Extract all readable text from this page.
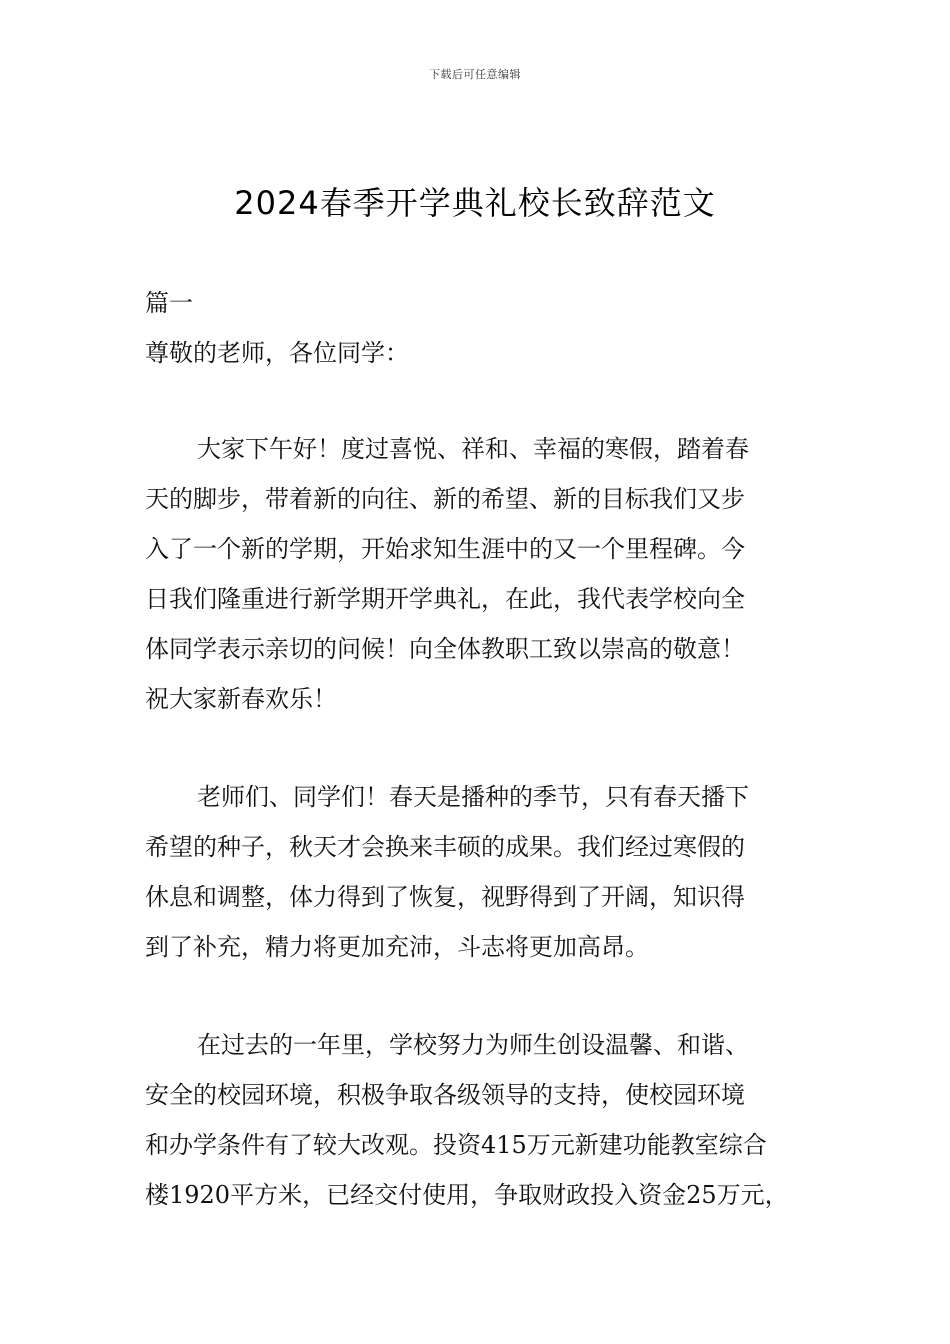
下载后可任意编辑
2024春季开学典礼校长致辞范文
篇一
尊敬的老师，各位同学：

大家下午好！度过喜悦、祥和、幸福的寒假，踏着春
天的脚步，带着新的向往、新的希望、新的目标我们又步

入了一个新的学期，开始求知生涯中的又一个里程碑。今
日我们隆重进行新学期开学典礼，在此，我代表学校向全
体同学表示亲切的问候！向全体教职工致以崇高的敬意！
祝大家新春欢乐！
老师们、同学们！春天是播种的季节，只有春天播下
希望的种子，秋天才会换来丰硕的成果。我们经过寒假的
休息和调整，体力得到了恢复，视野得到了开阔，知识得
到了补充，精力将更加充沛，斗志将更加高昂。
在过去的一年里，学校努力为师生创设温馨、和谐、
安全的校园环境，积极争取各级领导的支持，使校园环境
和办学条件有了较大改观。投资415万元新建功能教室综合
楼1920平方米，已经交付使用，争取财政投入资金25万元，
